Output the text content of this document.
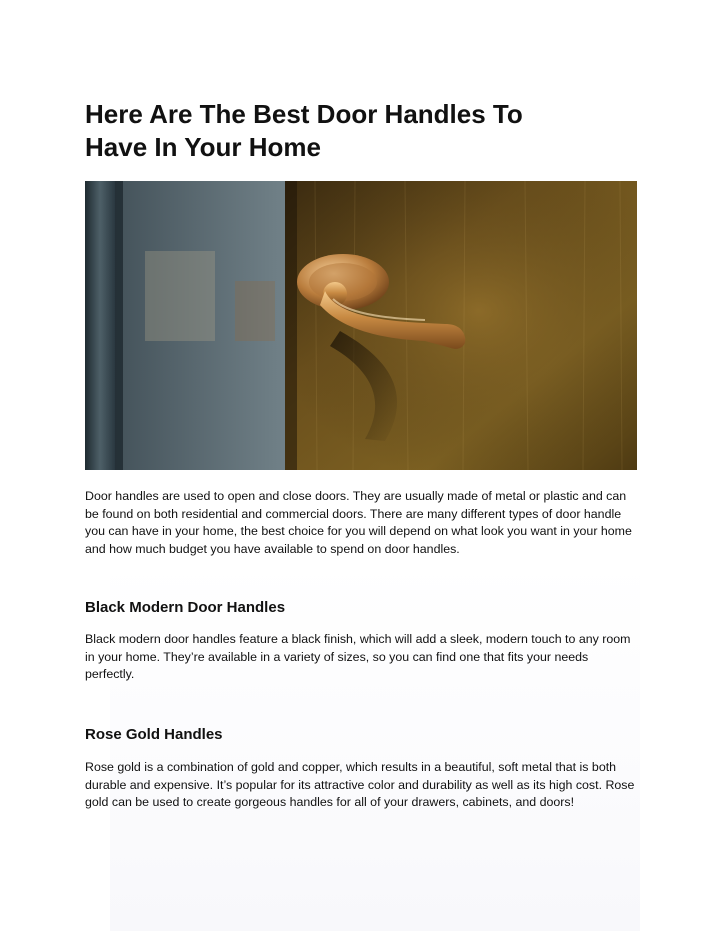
Here Are The Best Door Handles To
Have In Your Home

Door handles are used to open and close doors. They are usually made of metal or plastic and can be found on both residential and commercial doors. There are many different types of door handle you can have in your home, the best choice for you will depend on what look you want in your home and how much budget you have available to spend on door handles.

Black Modern Door Handles

Black modern door handles feature a black finish, which will add a sleek, modern touch to any room in your home. They’re available in a variety of sizes, so you can find one that fits your needs perfectly.

Rose Gold Handles

Rose gold is a combination of gold and copper, which results in a beautiful, soft metal that is both durable and expensive. It’s popular for its attractive color and durability as well as its high cost. Rose gold can be used to create gorgeous handles for all of your drawers, cabinets, and doors!
